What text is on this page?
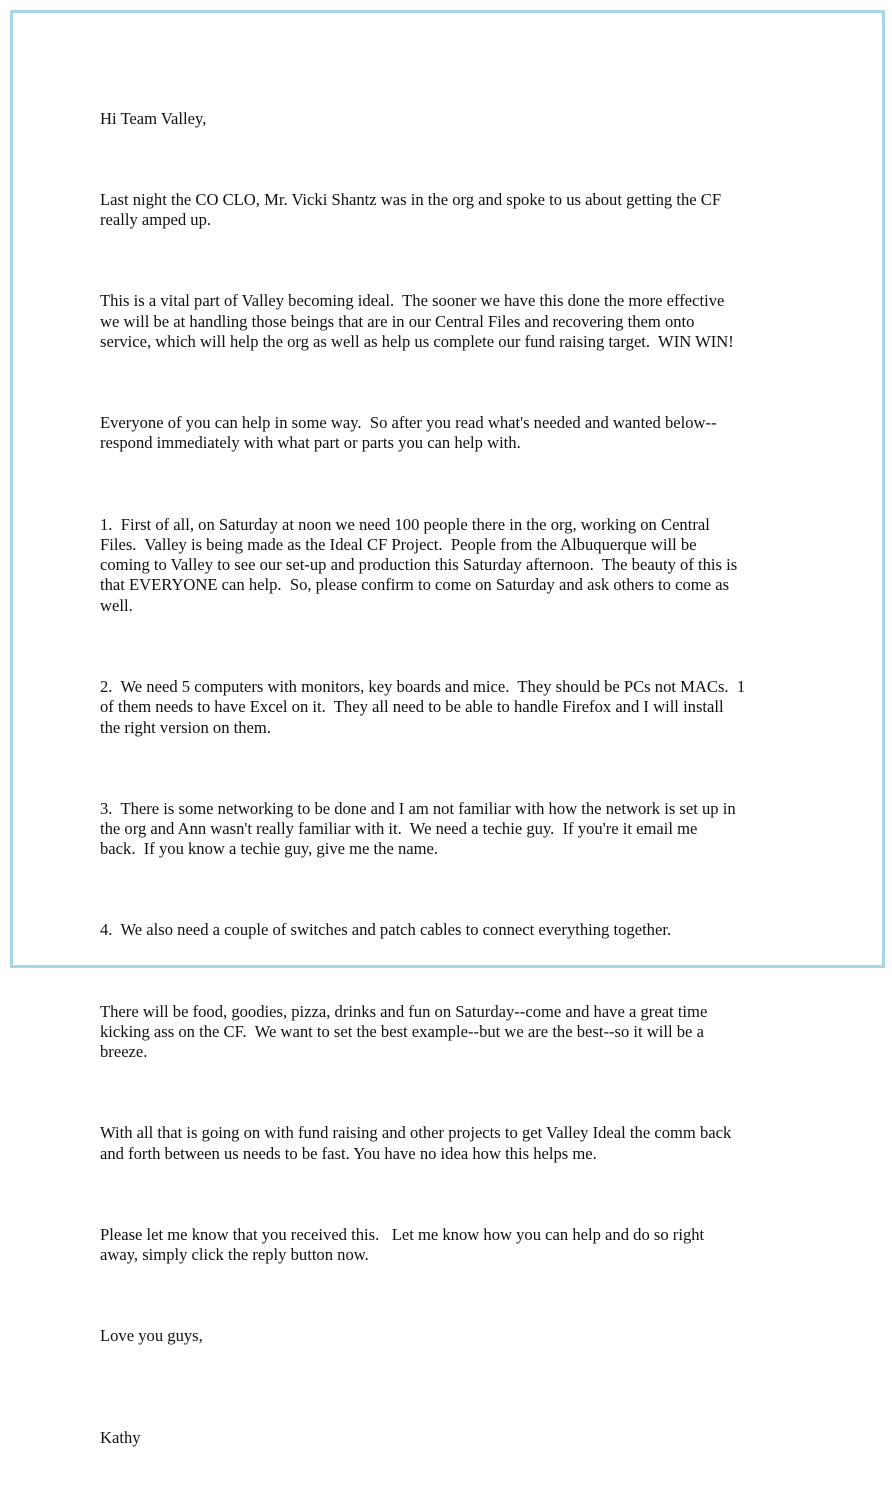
Hi Team Valley,

Last night the CO CLO, Mr. Vicki Shantz was in the org and spoke to us about getting the CF
really amped up.

This is a vital part of Valley becoming ideal.  The sooner we have this done the more effective
we will be at handling those beings that are in our Central Files and recovering them onto
service, which will help the org as well as help us complete our fund raising target.  WIN WIN!

Everyone of you can help in some way.  So after you read what's needed and wanted below--
respond immediately with what part or parts you can help with.

1.  First of all, on Saturday at noon we need 100 people there in the org, working on Central
Files.  Valley is being made as the Ideal CF Project.  People from the Albuquerque will be
coming to Valley to see our set-up and production this Saturday afternoon.  The beauty of this is
that EVERYONE can help.  So, please confirm to come on Saturday and ask others to come as
well.

2.  We need 5 computers with monitors, key boards and mice.  They should be PCs not MACs.  1
of them needs to have Excel on it.  They all need to be able to handle Firefox and I will install
the right version on them.

3.  There is some networking to be done and I am not familiar with how the network is set up in
the org and Ann wasn't really familiar with it.  We need a techie guy.  If you're it email me
back.  If you know a techie guy, give me the name.

4.  We also need a couple of switches and patch cables to connect everything together.

There will be food, goodies, pizza, drinks and fun on Saturday--come and have a great time
kicking ass on the CF.  We want to set the best example--but we are the best--so it will be a
breeze.

With all that is going on with fund raising and other projects to get Valley Ideal the comm back
and forth between us needs to be fast. You have no idea how this helps me.

Please let me know that you received this.   Let me know how you can help and do so right
away, simply click the reply button now.

Love you guys,

Kathy
